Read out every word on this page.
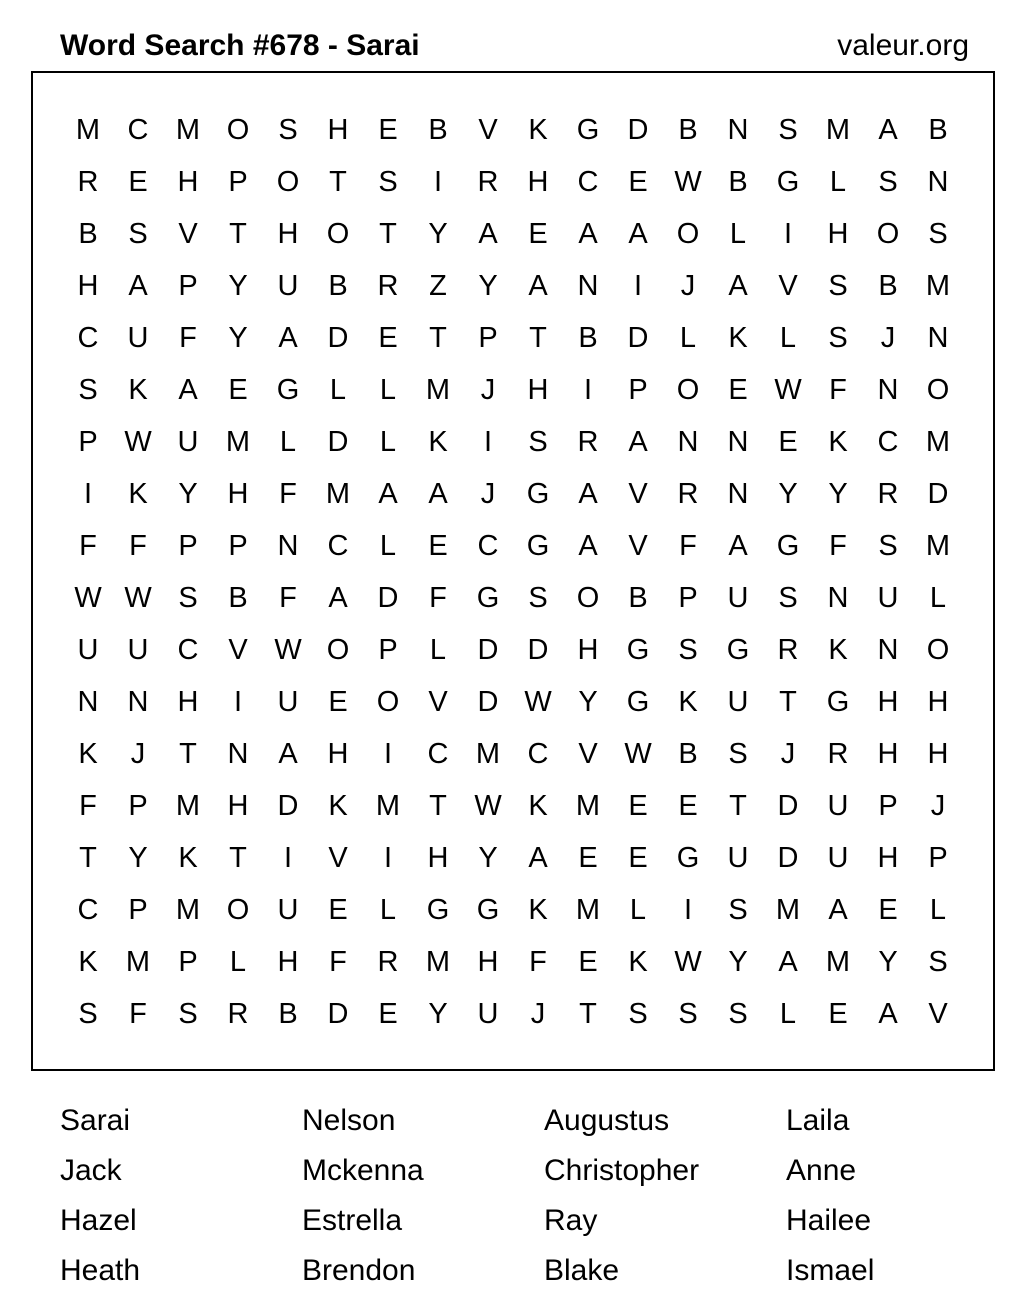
Word Search #678 - Sarai	valeur.org
M C M O	S	H	E	B	V	K	G D	B	N	S M A	B
R	E	H	P	O	T	S	I	R	H	C	E W B	G	L	S	N
B	S	V	T	H O	T	Y	A	E	A	A	O	L	I	H O	S
H	A	P	Y	U	B	R	Z	Y	A	N	I	J	A	V	S	B M
C	U	F	Y	A	D	E	T	P	T	B	D	L	K	L	S	J	N
S	K	A	E	G	L	L	M	J	H	I	P	O	E W F	N O
P W U M	L	D	L	K	I	S	R	A	N	N	E	K	C M
I	K	Y	H	F	M A	A	J	G	A	V	R	N	Y	Y	R	D
F	F	P	P	N	C	L	E	C G	A	V	F	A	G	F	S M
W W S	B	F	A	D	F	G	S	O	B	P	U	S	N	U	L
U	U	C	V W O	P	L	D	D	H G	S	G R	K	N O
N	N	H	I	U	E	O	V	D W Y	G	K	U	T	G H	H
K	J	T	N	A	H	I	C M C	V W B	S	J	R	H	H
F	P M H	D	K M	T W K M E	E	T	D	U	P	J
T	Y	K	T	I	V	I	H	Y	A	E	E	G U	D	U	H	P
C	P M O U	E	L	G G	K M	L	I	S M A	E	L
K M P	L	H	F	R M H	F	E	K W Y	A M Y	S
S	F	S	R	B	D	E	Y	U	J	T	S	S	S	L	E	A	V
Sarai	Nelson	Augustus	Laila
Jack	Mckenna	Christopher	Anne
Hazel	Estrella	Ray	Hailee
Heath	Brendon	Blake	Ismael
